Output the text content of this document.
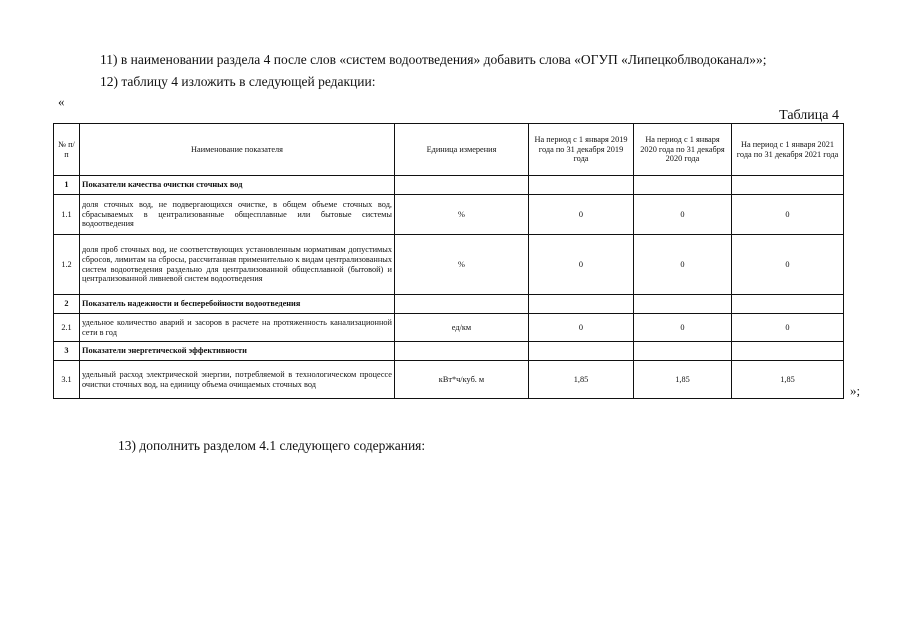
11) в наименовании раздела 4 после слов «систем водоотведения» добавить слова «ОГУП «Липецкоблводоканал»»;
12) таблицу 4 изложить в следующей редакции:
«
Таблица 4
№ п/п	Наименование показателя	Единица измерения	На период с 1 января 2019 года по 31 декабря 2019 года	На период с 1 января 2020 года по 31 декабря 2020 года	На период с 1 января 2021 года по 31 декабря 2021 года
1	Показатели качества очистки сточных вод				
1.1	доля сточных вод, не подвергающихся очистке, в общем объеме сточных вод, сбрасываемых в централизованные общесплавные или бытовые системы водоотведения	%	0	0	0
1.2	доля проб сточных вод, не соответствующих установленным нормативам допустимых сбросов, лимитам на сбросы, рассчитанная применительно к видам централизованных систем водоотведения раздельно для централизованной общесплавной (бытовой) и централизованной ливневой систем водоотведения	%	0	0	0
2	Показатель надежности и бесперебойности водоотведения				
2.1	удельное количество аварий и засоров в расчете на протяженность канализационной сети в год	ед/км	0	0	0
3	Показатели энергетической эффективности				
3.1	удельный расход электрической энергии, потребляемой в технологическом процессе очистки сточных вод, на единицу объема очищаемых сточных вод	кВт*ч/куб. м	1,85	1,85	1,85
»;
13) дополнить разделом 4.1 следующего содержания:
